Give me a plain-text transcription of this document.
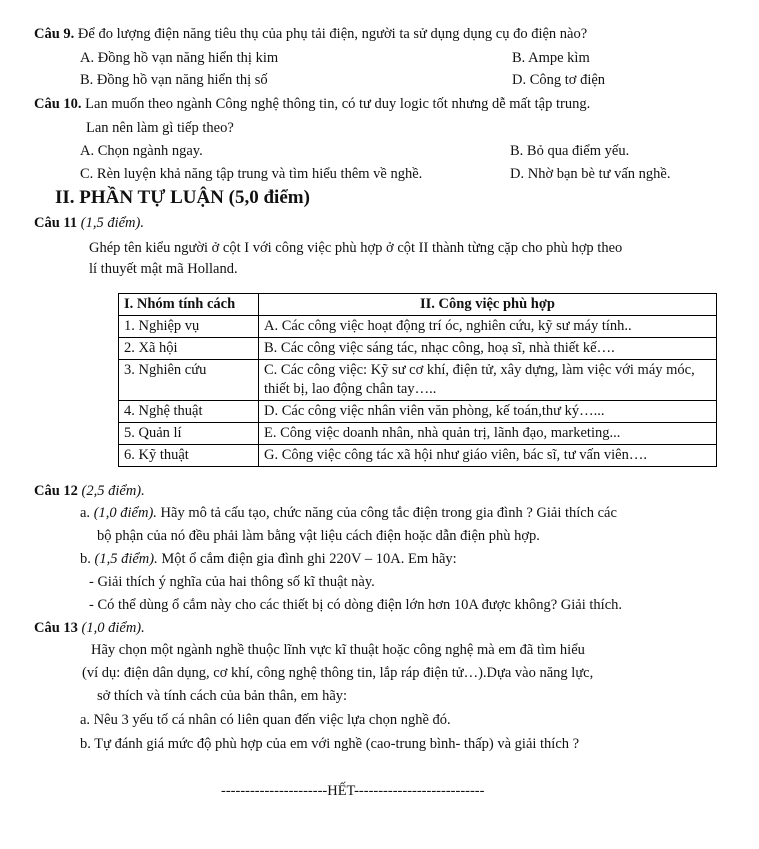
Câu 9. Để đo lượng điện năng tiêu thụ của phụ tải điện, người ta sử dụng dụng cụ đo điện nào?
A. Đồng hồ vạn năng hiển thị kim	B. Ampe kìm
B. Đồng hồ vạn năng hiển thị số	D. Công tơ điện
Câu 10. Lan muốn theo ngành Công nghệ thông tin, có tư duy logic tốt nhưng dễ mất tập trung.
Lan nên làm gì tiếp theo?
A. Chọn ngành ngay.	B. Bỏ qua điểm yếu.
C. Rèn luyện khả năng tập trung và tìm hiểu thêm về nghề.	D. Nhờ bạn bè tư vấn nghề.
II. PHẦN TỰ LUẬN (5,0 điểm)
Câu 11 (1,5 điểm).
Ghép tên kiểu người ở cột I với công việc phù hợp ở cột II thành từng cặp cho phù hợp theo
lí thuyết mật mã Holland.
I. Nhóm tính cách	II. Công việc phù hợp
1. Nghiệp vụ	A. Các công việc hoạt động trí óc, nghiên cứu, kỹ sư máy tính..
2. Xã hội	B. Các công việc sáng tác, nhạc công, hoạ sĩ, nhà thiết kế….
3. Nghiên cứu	C. Các công việc: Kỹ sư cơ khí, điện tử, xây dựng, làm việc với máy móc, thiết bị, lao động chân tay…..
4. Nghệ thuật	D. Các công việc nhân viên văn phòng, kế toán,thư ký…...
5. Quản lí	E. Công việc doanh nhân, nhà quản trị, lãnh đạo, marketing...
6. Kỹ thuật	G. Công việc công tác xã hội như giáo viên, bác sĩ, tư vấn viên….
Câu 12 (2,5 điểm).
a. (1,0 điểm). Hãy mô tả cấu tạo, chức năng của công tắc điện trong gia đình ? Giải thích các
bộ phận của nó đều phải làm bằng vật liệu cách điện hoặc dẫn điện phù hợp.
b. (1,5 điểm). Một ổ cắm điện gia đình ghi 220V – 10A. Em hãy:
- Giải thích ý nghĩa của hai thông số kĩ thuật này.
- Có thể dùng ổ cắm này cho các thiết bị có dòng điện lớn hơn 10A được không? Giải thích.
Câu 13 (1,0 điểm).
Hãy chọn một ngành nghề thuộc lĩnh vực kĩ thuật hoặc công nghệ mà em đã tìm hiểu
(ví dụ: điện dân dụng, cơ khí, công nghệ thông tin, lắp ráp điện tử…).Dựa vào năng lực,
sở thích và tính cách của bản thân, em hãy:
a. Nêu 3 yếu tố cá nhân có liên quan đến việc lựa chọn nghề đó.
b. Tự đánh giá mức độ phù hợp của em với nghề (cao-trung bình- thấp) và giải thích ?
----------------------HẾT---------------------------
